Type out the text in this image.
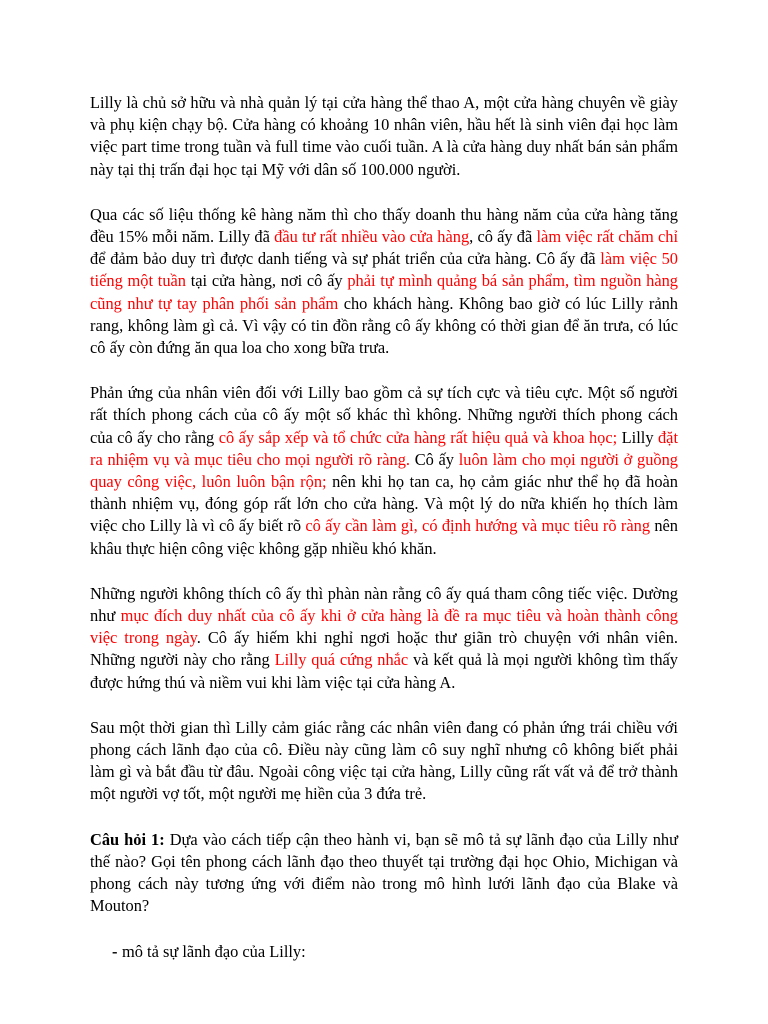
Lilly là chủ sở hữu và nhà quản lý tại cửa hàng thể thao A, một cửa hàng chuyên về giày và phụ kiện chạy bộ. Cửa hàng có khoảng 10 nhân viên, hầu hết là sinh viên đại học làm việc part time trong tuần và full time vào cuối tuần. A là cửa hàng duy nhất bán sản phẩm này tại thị trấn đại học tại Mỹ với dân số 100.000 người.

Qua các số liệu thống kê hàng năm thì cho thấy doanh thu hàng năm của cửa hàng tăng đều 15% mỗi năm. Lilly đã đầu tư rất nhiều vào cửa hàng, cô ấy đã làm việc rất chăm chỉ để đảm bảo duy trì được danh tiếng và sự phát triển của cửa hàng. Cô ấy đã làm việc 50 tiếng một tuần tại cửa hàng, nơi cô ấy phải tự mình quảng bá sản phẩm, tìm nguồn hàng cũng như tự tay phân phối sản phẩm cho khách hàng. Không bao giờ có lúc Lilly rảnh rang, không làm gì cả. Vì vậy có tin đồn rằng cô ấy không có thời gian để ăn trưa, có lúc cô ấy còn đứng ăn qua loa cho xong bữa trưa.

Phản ứng của nhân viên đối với Lilly bao gồm cả sự tích cực và tiêu cực. Một số người rất thích phong cách của cô ấy một số khác thì không. Những người thích phong cách của cô ấy cho rằng cô ấy sắp xếp và tổ chức cửa hàng rất hiệu quả và khoa học; Lilly đặt ra nhiệm vụ và mục tiêu cho mọi người rõ ràng. Cô ấy luôn làm cho mọi người ở guồng quay công việc, luôn luôn bận rộn; nên khi họ tan ca, họ cảm giác như thể họ đã hoàn thành nhiệm vụ, đóng góp rất lớn cho cửa hàng. Và một lý do nữa khiến họ thích làm việc cho Lilly là vì cô ấy biết rõ cô ấy cần làm gì, có định hướng và mục tiêu rõ ràng nên khâu thực hiện công việc không gặp nhiều khó khăn.

Những người không thích cô ấy thì phàn nàn rằng cô ấy quá tham công tiếc việc. Dường như mục đích duy nhất của cô ấy khi ở cửa hàng là đề ra mục tiêu và hoàn thành công việc trong ngày. Cô ấy hiếm khi nghỉ ngơi hoặc thư giãn trò chuyện với nhân viên. Những người này cho rằng Lilly quá cứng nhắc và kết quả là mọi người không tìm thấy được hứng thú và niềm vui khi làm việc tại cửa hàng A.

Sau một thời gian thì Lilly cảm giác rằng các nhân viên đang có phản ứng trái chiều với phong cách lãnh đạo của cô. Điều này cũng làm cô suy nghĩ nhưng cô không biết phải làm gì và bắt đầu từ đâu. Ngoài công việc tại cửa hàng, Lilly cũng rất vất vả để trở thành một người vợ tốt, một người mẹ hiền của 3 đứa trẻ.

Câu hỏi 1: Dựa vào cách tiếp cận theo hành vi, bạn sẽ mô tả sự lãnh đạo của Lilly như thế nào? Gọi tên phong cách lãnh đạo theo thuyết tại trường đại học Ohio, Michigan và phong cách này tương ứng với điểm nào trong mô hình lưới lãnh đạo của Blake và Mouton?

- mô tả sự lãnh đạo của Lilly:
